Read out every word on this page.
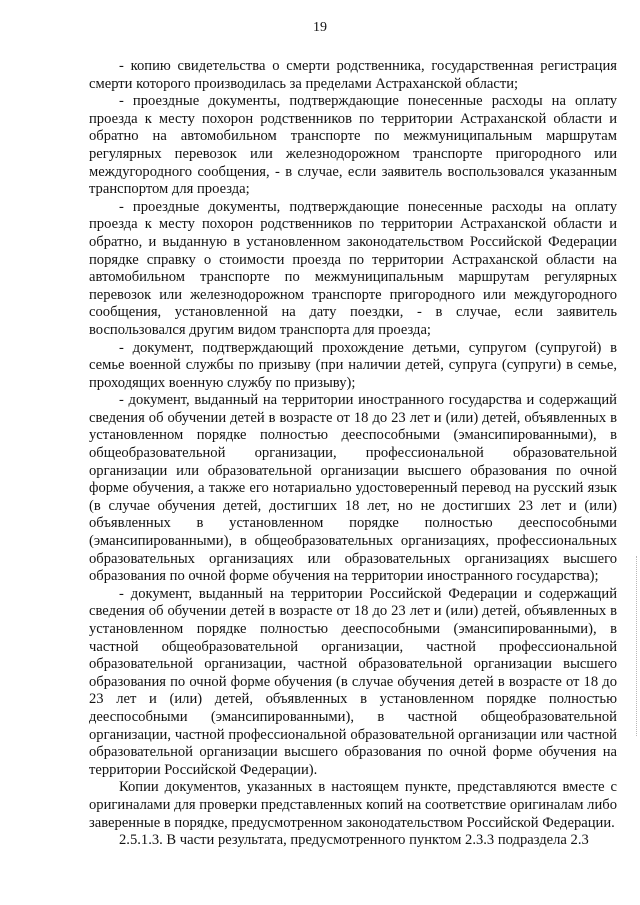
19

- копию свидетельства о смерти родственника, государственная регистрация смерти которого производилась за пределами Астраханской области;

- проездные документы, подтверждающие понесенные расходы на оплату проезда к месту похорон родственников по территории Астраханской области и обратно на автомобильном транспорте по межмуниципальным маршрутам регулярных перевозок или железнодорожном транспорте пригородного или междугородного сообщения, - в случае, если заявитель воспользовался указанным транспортом для проезда;

- проездные документы, подтверждающие понесенные расходы на оплату проезда к месту похорон родственников по территории Астраханской области и обратно, и выданную в установленном законодательством Российской Федерации порядке справку о стоимости проезда по территории Астраханской области на автомобильном транспорте по межмуниципальным маршрутам регулярных перевозок или железнодорожном транспорте пригородного или междугородного сообщения, установленной на дату поездки, - в случае, если заявитель воспользовался другим видом транспорта для проезда;

- документ, подтверждающий прохождение детьми, супругом (супругой) в семье военной службы по призыву (при наличии детей, супруга (супруги) в семье, проходящих военную службу по призыву);

- документ, выданный на территории иностранного государства и содержащий сведения об обучении детей в возрасте от 18 до 23 лет и (или) детей, объявленных в установленном порядке полностью дееспособными (эмансипированными), в общеобразовательной организации, профессиональной образовательной организации или образовательной организации высшего образования по очной форме обучения, а также его нотариально удостоверенный перевод на русский язык (в случае обучения детей, достигших 18 лет, но не достигших 23 лет и (или) объявленных в установленном порядке полностью дееспособными (эмансипированными), в общеобразовательных организациях, профессиональных образовательных организациях или образовательных организациях высшего образования по очной форме обучения на территории иностранного государства);

- документ, выданный на территории Российской Федерации и содержащий сведения об обучении детей в возрасте от 18 до 23 лет и (или) детей, объявленных в установленном порядке полностью дееспособными (эмансипированными), в частной общеобразовательной организации, частной профессиональной образовательной организации, частной образовательной организации высшего образования по очной форме обучения (в случае обучения детей в возрасте от 18 до 23 лет и (или) детей, объявленных в установленном порядке полностью дееспособными (эмансипированными), в частной общеобразовательной организации, частной профессиональной образовательной организации или частной образовательной организации высшего образования по очной форме обучения на территории Российской Федерации).

Копии документов, указанных в настоящем пункте, представляются вместе с оригиналами для проверки представленных копий на соответствие оригиналам либо заверенные в порядке, предусмотренном законодательством Российской Федерации.

2.5.1.3. В части результата, предусмотренного пунктом 2.3.3 подраздела 2.3
